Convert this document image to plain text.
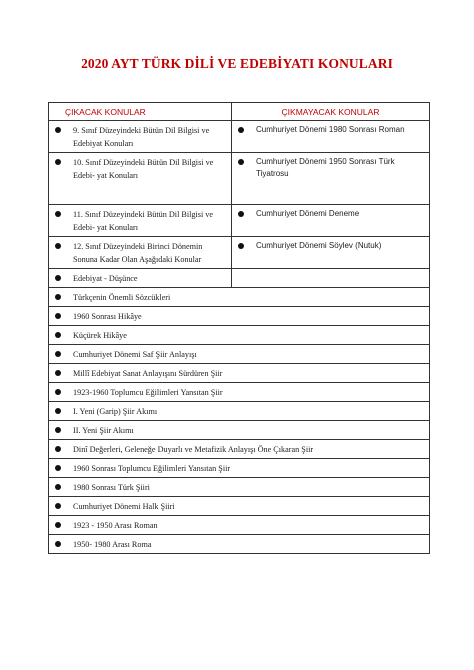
2020 AYT TÜRK DİLİ VE EDEBİYATI KONULARI
ÇIKACAK KONULAR	ÇIKMAYACAK KONULAR

9. Sınıf Düzeyindeki Bütün Dil Bilgisi ve Edebiyat Konuları	Cumhuriyet Dönemi 1980 Sonrası Roman

10. Sınıf Düzeyindeki Bütün Dil Bilgisi ve Edebi- yat Konuları	Cumhuriyet Dönemi 1950 Sonrası Türk Tiyatrosu

11. Sınıf Düzeyindeki Bütün Dil Bilgisi ve Edebi- yat Konuları	Cumhuriyet Dönemi Deneme

12. Sınıf Düzeyindeki Birinci Dönemin Sonuna Kadar Olan Aşağıdaki Konular	Cumhuriyet Dönemi Söylev (Nutuk)

Edebiyat - Düşünce	

Türkçenin Önemli Sözcükleri	

1960 Sonrası Hikâye	

Küçürek Hikâye	

Cumhuriyet Dönemi Saf Şiir Anlayışı	

Millî Edebiyat Sanat Anlayışını Sürdüren Şiir	

1923-1960 Toplumcu Eğilimleri Yansıtan Şiir	

I. Yeni (Garip) Şiir Akımı	

II. Yeni Şiir Akımı	

Dinî Değerleri, Geleneğe Duyarlı ve Metafizik Anlayışı Öne Çıkaran Şiir	

1960 Sonrası Toplumcu Eğilimleri Yansıtan Şiir	

1980 Sonrası Türk Şiiri	

Cumhuriyet Dönemi Halk Şiiri	

1923 - 1950 Arası Roman	

1950- 1980 Arası Roma	
